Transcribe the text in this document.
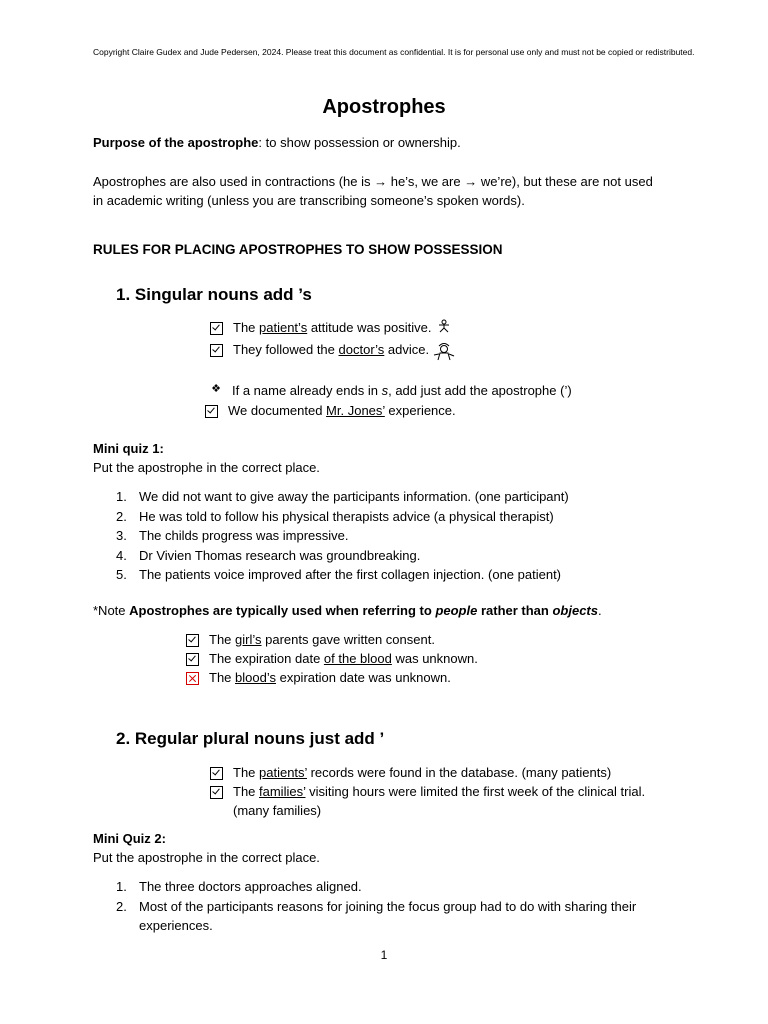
Copyright Claire Gudex and Jude Pedersen, 2024. Please treat this document as confidential. It is for personal use only and must not be copied or redistributed.
Apostrophes
Purpose of the apostrophe: to show possession or ownership.
Apostrophes are also used in contractions (he is → he’s, we are → we’re), but these are not used
in academic writing (unless you are transcribing someone’s spoken words).
RULES FOR PLACING APOSTROPHES TO SHOW POSSESSION
1. Singular nouns add ’s
The patient’s attitude was positive.
They followed the doctor’s advice.
❖ If a name already ends in s, add just add the apostrophe (’)
We documented Mr. Jones’ experience.
Mini quiz 1:
Put the apostrophe in the correct place.
1. We did not want to give away the participants information. (one participant)
2. He was told to follow his physical therapists advice (a physical therapist)
3. The childs progress was impressive.
4. Dr Vivien Thomas research was groundbreaking.
5. The patients voice improved after the first collagen injection. (one patient)
*Note Apostrophes are typically used when referring to people rather than objects.
The girl’s parents gave written consent.
The expiration date of the blood was unknown.
The blood’s expiration date was unknown.
2. Regular plural nouns just add ’
The patients’ records were found in the database. (many patients)
The families’ visiting hours were limited the first week of the clinical trial.
(many families)
Mini Quiz 2:
Put the apostrophe in the correct place.
1. The three doctors approaches aligned.
2. Most of the participants reasons for joining the focus group had to do with sharing their
experiences.
1
